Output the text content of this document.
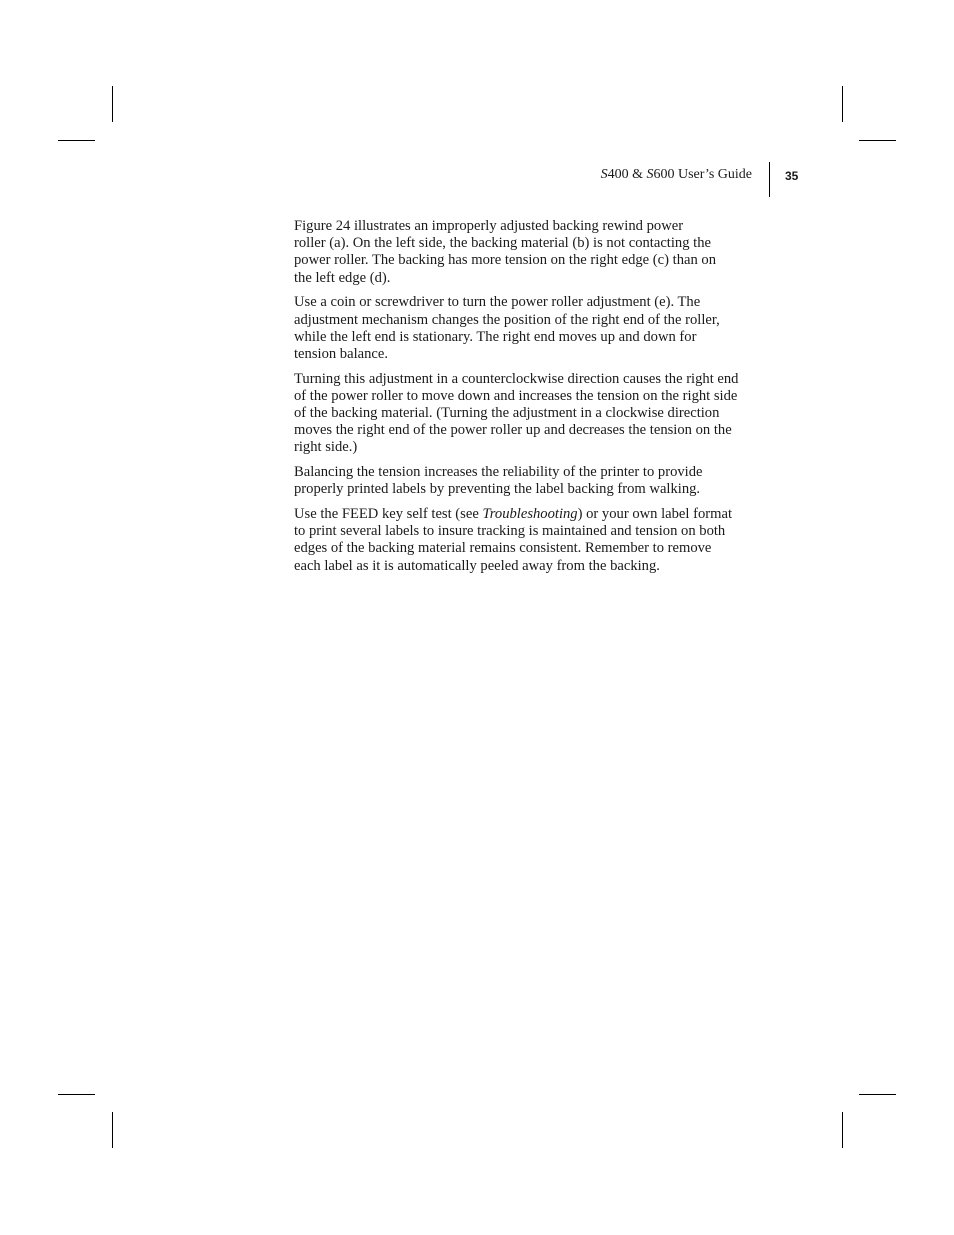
S400 & S600 User’s Guide	35

Figure 24 illustrates an improperly adjusted backing rewind power
roller (a). On the left side, the backing material (b) is not contacting the
power roller. The backing has more tension on the right edge (c) than on
the left edge (d).

Use a coin or screwdriver to turn the power roller adjustment (e). The
adjustment mechanism changes the position of the right end of the roller,
while the left end is stationary. The right end moves up and down for
tension balance.

Turning this adjustment in a counterclockwise direction causes the right end
of the power roller to move down and increases the tension on the right side
of the backing material. (Turning the adjustment in a clockwise direction
moves the right end of the power roller up and decreases the tension on the
right side.)

Balancing the tension increases the reliability of the printer to provide
properly printed labels by preventing the label backing from walking.

Use the FEED key self test (see Troubleshooting) or your own label format
to print several labels to insure tracking is maintained and tension on both
edges of the backing material remains consistent. Remember to remove
each label as it is automatically peeled away from the backing.
